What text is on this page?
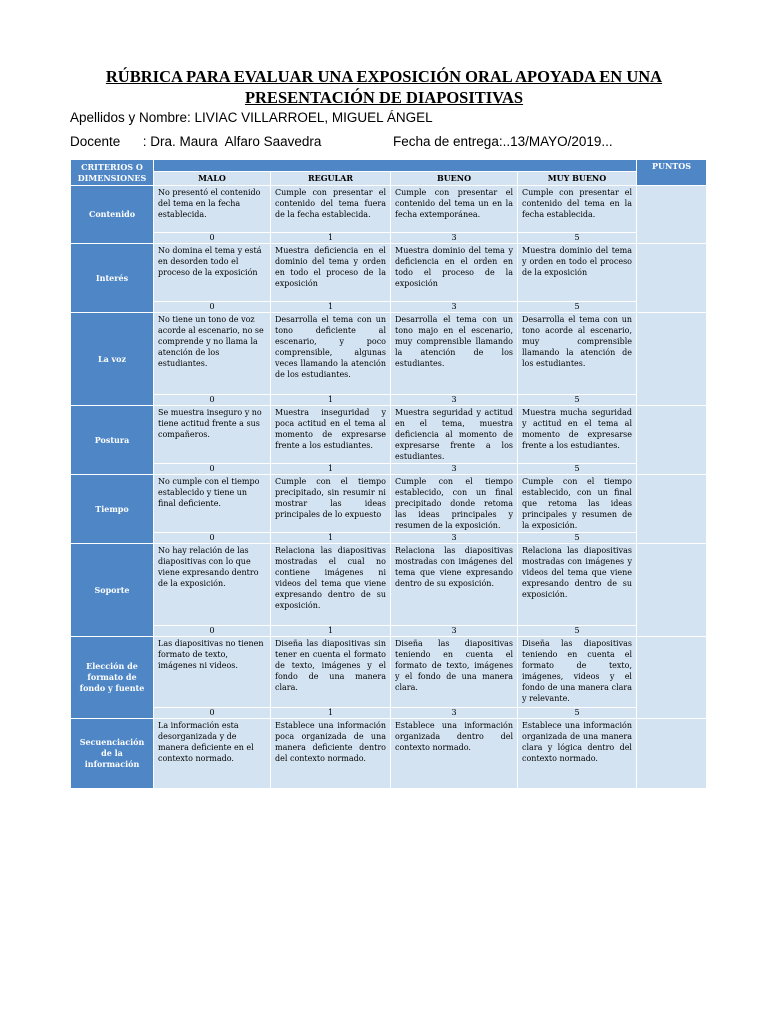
RÚBRICA PARA EVALUAR UNA EXPOSICIÓN ORAL APOYADA EN UNA
PRESENTACIÓN DE DIAPOSITIVAS
Apellidos y Nombre: LIVIAC VILLARROEL, MIGUEL ÁNGEL
Docente      : Dra. Maura  Alfaro Saavedra	Fecha de entrega:..13/MAYO/2019...
CRITERIOS O DIMENSIONES					PUNTOS
	MALO	REGULAR	BUENO	MUY BUENO	
Contenido	No presentó el contenido del tema en la fecha establecida.	Cumple con presentar el contenido del tema fuera de la fecha establecida.	Cumple con presentar el contenido del tema un en la fecha extemporánea.	Cumple con presentar el contenido del tema en la fecha establecida.	
	0	1	3	5	
Interés	No domina el tema y está en desorden todo el proceso de la exposición	Muestra deficiencia en el dominio del tema y orden en todo el proceso de la exposición	Muestra dominio del tema y deficiencia en el orden en todo el proceso de la exposición	Muestra dominio del tema y orden en todo el proceso de la exposición	
	0	1	3	5	
La voz	No tiene un tono de voz acorde al escenario, no se comprende y no llama la atención de los estudiantes.	Desarrolla el tema con un tono deficiente al escenario, y poco comprensible, algunas veces llamando la atención de los estudiantes.	Desarrolla el tema con un tono majo en el escenario, muy comprensible llamando la atención de los estudiantes.	Desarrolla el tema con un tono acorde al escenario, muy comprensible llamando la atención de los estudiantes.	
	0	1	3	5	
Postura	Se muestra inseguro y no tiene actitud frente a sus compañeros.	Muestra inseguridad y poca actitud en el tema al momento de expresarse frente a los estudiantes.	Muestra seguridad y actitud en el tema, muestra deficiencia al momento de expresarse frente a los estudiantes.	Muestra mucha seguridad y actitud en el tema al momento de expresarse frente a los estudiantes.	
	0	1	3	5	
Tiempo	No cumple con el tiempo establecido y tiene un final deficiente.	Cumple con el tiempo precipitado, sin resumir ni mostrar las ideas principales de lo expuesto	Cumple con el tiempo establecido, con un final precipitado donde retoma las ideas principales y resumen de la exposición.	Cumple con el tiempo establecido, con un final que retoma las ideas principales y resumen de la exposición.	
	0	1	3	5	
Soporte	No hay relación de las diapositivas con lo que viene expresando dentro de la exposición.	Relaciona las diapositivas mostradas el cual no contiene imágenes ni videos del tema que viene expresando dentro de su exposición.	Relaciona las diapositivas mostradas con imágenes del tema que viene expresando dentro de su exposición.	Relaciona las diapositivas mostradas con imágenes y videos del tema que viene expresando dentro de su exposición.	
	0	1	3	5	
Elección de formato de fondo y fuente	Las diapositivas no tienen formato de texto, imágenes ni videos.	Diseña las diapositivas sin tener en cuenta el formato de texto, imágenes y el fondo de una manera clara.	Diseña las diapositivas teniendo en cuenta el formato de texto, imágenes y el fondo de una manera clara.	Diseña las diapositivas teniendo en cuenta el formato de texto, imágenes, videos y el fondo de una manera clara y relevante.	
	0	1	3	5	
Secuenciación de la información	La información esta desorganizada y de manera deficiente en el contexto normado.	Establece una información poca organizada de una manera deficiente dentro del contexto normado.	Establece una información organizada dentro del contexto normado.	Establece una información organizada de una manera clara y lógica dentro del contexto normado.	
